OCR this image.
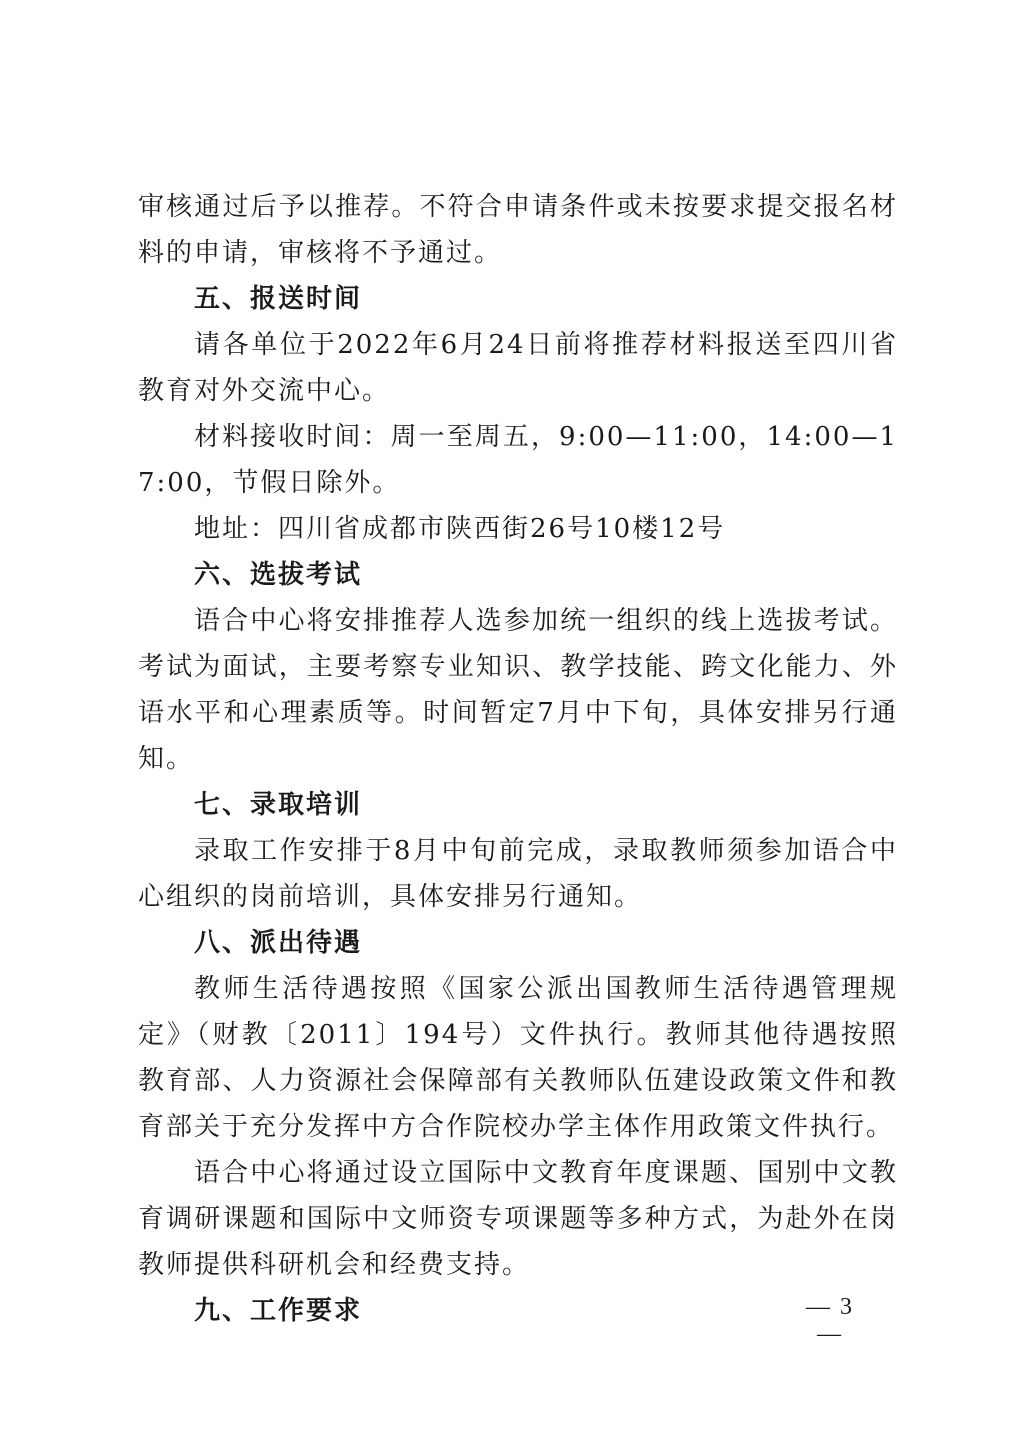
审核通过后予以推荐。不符合申请条件或未按要求提交报名材料的申请，审核将不予通过。

五、报送时间

请各单位于2022年6月24日前将推荐材料报送至四川省教育对外交流中心。

材料接收时间：周一至周五，9:00—11:00，14:00—17:00，节假日除外。

地址：四川省成都市陕西街26号10楼12号

六、选拔考试

语合中心将安排推荐人选参加统一组织的线上选拔考试。考试为面试，主要考察专业知识、教学技能、跨文化能力、外语水平和心理素质等。时间暂定7月中下旬，具体安排另行通知。

七、录取培训

录取工作安排于8月中旬前完成，录取教师须参加语合中心组织的岗前培训，具体安排另行通知。

八、派出待遇

教师生活待遇按照《国家公派出国教师生活待遇管理规定》（财教〔2011〕194号）文件执行。教师其他待遇按照教育部、人力资源社会保障部有关教师队伍建设政策文件和教育部关于充分发挥中方合作院校办学主体作用政策文件执行。

语合中心将通过设立国际中文教育年度课题、国别中文教育调研课题和国际中文师资专项课题等多种方式，为赴外在岗教师提供科研机会和经费支持。

九、工作要求	— 3 —
